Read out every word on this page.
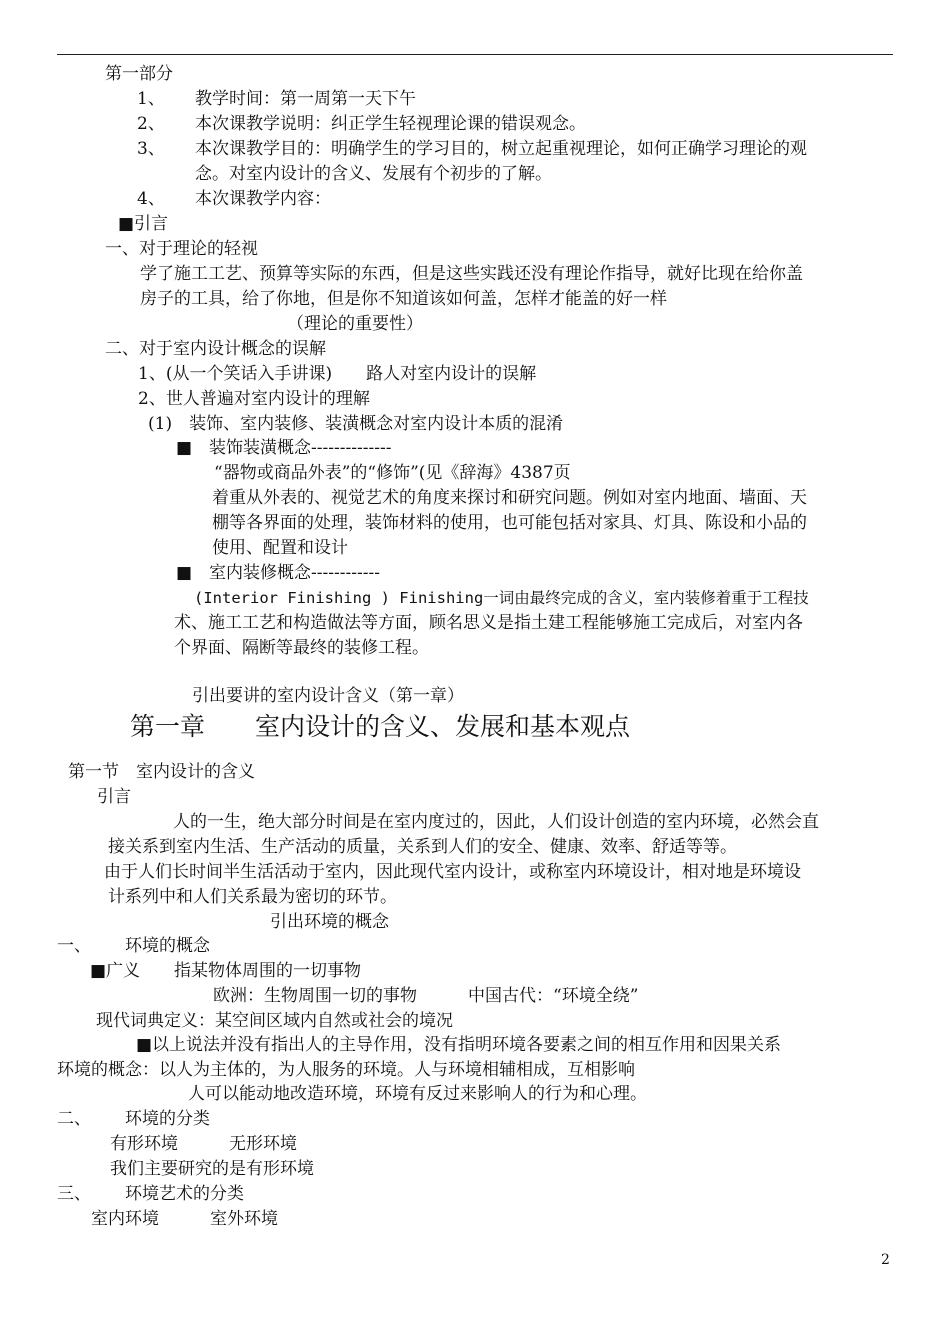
第一部分
1、 教学时间：第一周第一天下午
2、 本次课教学说明：纠正学生轻视理论课的错误观念。
3、 本次课教学目的：明确学生的学习目的，树立起重视理论，如何正确学习理论的观
念。对室内设计的含义、发展有个初步的了解。
4、 本次课教学内容：
■引言
一、对于理论的轻视
学了施工工艺、预算等实际的东西，但是这些实践还没有理论作指导，就好比现在给你盖
房子的工具，给了你地，但是你不知道该如何盖，怎样才能盖的好一样
（理论的重要性）
二、对于室内设计概念的误解
1、(从一个笑话入手讲课)　　路人对室内设计的误解
2、世人普遍对室内设计的理解
(1)　装饰、室内装修、装潢概念对室内设计本质的混淆
■　装饰装潢概念--------------
“器物或商品外表”的“修饰”(见《辞海》4387页
着重从外表的、视觉艺术的角度来探讨和研究问题。例如对室内地面、墙面、天
棚等各界面的处理，装饰材料的使用，也可能包括对家具、灯具、陈设和小品的
使用、配置和设计
■　室内装修概念------------
(Interior Finishing ) Finishing一词由最终完成的含义，室内装修着重于工程技
术、施工工艺和构造做法等方面，顾名思义是指土建工程能够施工完成后，对室内各
个界面、隔断等最终的装修工程。
引出要讲的室内设计含义（第一章）
第一章　　室内设计的含义、发展和基本观点
第一节　室内设计的含义
引言
人的一生，绝大部分时间是在室内度过的，因此，人们设计创造的室内环境，必然会直
接关系到室内生活、生产活动的质量，关系到人们的安全、健康、效率、舒适等等。
由于人们长时间半生活活动于室内，因此现代室内设计，或称室内环境设计，相对地是环境设
计系列中和人们关系最为密切的环节。
引出环境的概念
一、 环境的概念
■广义　　指某物体周围的一切事物
欧洲：生物周围一切的事物　　　中国古代：“环境全绕”
现代词典定义：某空间区域内自然或社会的境况
■以上说法并没有指出人的主导作用，没有指明环境各要素之间的相互作用和因果关系
环境的概念：以人为主体的，为人服务的环境。人与环境相辅相成，互相影响
人可以能动地改造环境，环境有反过来影响人的行为和心理。
二、 环境的分类
有形环境　　　无形环境
我们主要研究的是有形环境
三、 环境艺术的分类
室内环境　　　室外环境
2
